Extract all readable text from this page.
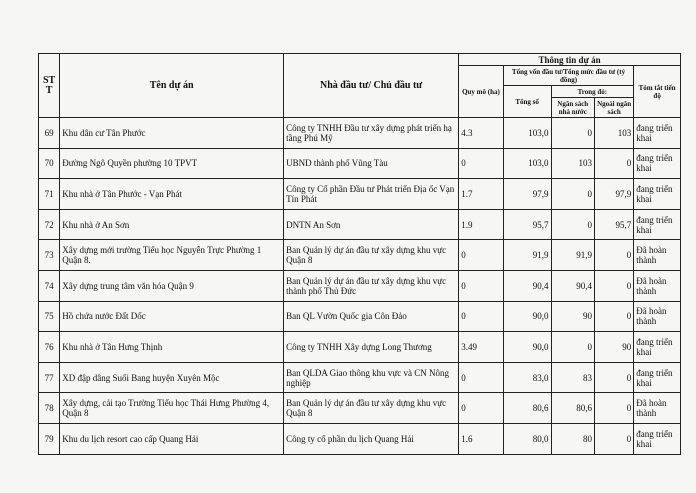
ST T	Tên dự án	Nhà đầu tư/ Chủ đầu tư	Thông tin dự án				
			Quy mô (ha)	Tổng vốn đầu tư/Tổng mức đầu tư (tỷ đồng)			Tóm tắt tiến độ
				Tổng số	Trong đó:		
					Ngân sách nhà nước	Ngoài ngân sách	
69	Khu dân cư Tân Phước	Công ty TNHH Đầu tư xây dựng phát triển hạ tầng Phú Mỹ	4.3	103,0	0	103	đang triển khai
70	Đường Ngô Quyền phường 10 TPVT	UBND thành phố Vũng Tàu	0	103,0	103	0	đang triển khai
71	Khu nhà ở Tân Phước - Vạn Phát	Công ty Cổ phần Đầu tư Phát triển Địa ốc Vạn Tín Phát	1.7	97,9	0	97,9	đang triển khai
72	Khu nhà ở An Sơn	DNTN An Sơn	1.9	95,7	0	95,7	đang triển khai
73	Xây dựng mới trường Tiểu học Nguyễn Trực Phường 1 Quận 8.	Ban Quản lý dự án đầu tư xây dựng khu vực Quận 8	0	91,9	91,9	0	Đã hoàn thành
74	Xây dựng trung tâm văn hóa Quận 9	Ban Quản lý dự án đầu tư xây dựng khu vực thành phố Thủ Đức	0	90,4	90,4	0	Đã hoàn thành
75	Hồ chứa nước Đất Dốc	Ban QL Vườn Quốc gia Côn Đảo	0	90,0	90	0	Đã hoàn thành
76	Khu nhà ở Tân Hưng Thịnh	Công ty TNHH Xây dựng Long Thương	3.49	90,0	0	90	đang triển khai
77	XD đập dâng Suối Bang huyện Xuyên Mộc	Ban QLDA Giao thông khu vực và CN Nông nghiệp	0	83,0	83	0	đang triển khai
78	Xây dựng, cải tạo Trường Tiểu học Thái Hưng Phường 4, Quận 8	Ban Quản lý dự án đầu tư xây dựng khu vực Quận 8	0	80,6	80,6	0	Đã hoàn thành
79	Khu du lịch resort cao cấp Quang Hải	Công ty cổ phần du lịch Quang Hải	1.6	80,0	80	0	đang triển khai
